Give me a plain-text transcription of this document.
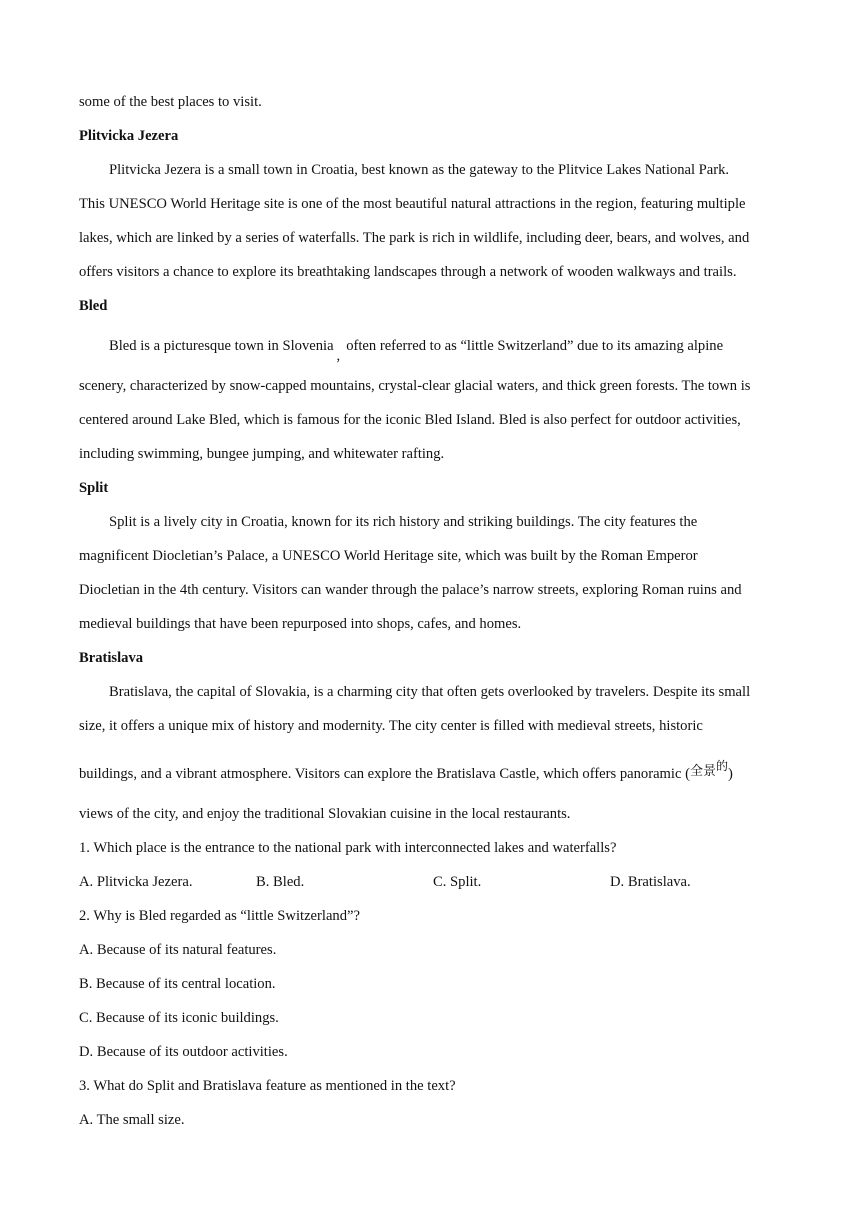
some of the best places to visit.
Plitvicka Jezera
Plitvicka Jezera is a small town in Croatia, best known as the gateway to the Plitvice Lakes National Park.
This UNESCO World Heritage site is one of the most beautiful natural attractions in the region, featuring multiple
lakes, which are linked by a series of waterfalls. The park is rich in wildlife, including deer, bears, and wolves, and
offers visitors a chance to explore its breathtaking landscapes through a network of wooden walkways and trails.
Bled
Bled is a picturesque town in Slovenia,often referred to as “little Switzerland” due to its amazing alpine
scenery, characterized by snow-capped mountains, crystal-clear glacial waters, and thick green forests. The town is
centered around Lake Bled, which is famous for the iconic Bled Island. Bled is also perfect for outdoor activities,
including swimming, bungee jumping, and whitewater rafting.
Split
Split is a lively city in Croatia, known for its rich history and striking buildings. The city features the
magnificent Diocletian’s Palace, a UNESCO World Heritage site, which was built by the Roman Emperor
Diocletian in the 4th century. Visitors can wander through the palace’s narrow streets, exploring Roman ruins and
medieval buildings that have been repurposed into shops, cafes, and homes.
Bratislava
Bratislava, the capital of Slovakia, is a charming city that often gets overlooked by travelers. Despite its small
size, it offers a unique mix of history and modernity. The city center is filled with medieval streets, historic
buildings, and a vibrant atmosphere. Visitors can explore the Bratislava Castle, which offers panoramic (全景$^的$)
views of the city, and enjoy the traditional Slovakian cuisine in the local restaurants.
1. Which place is the entrance to the national park with interconnected lakes and waterfalls?
A. Plitvicka Jezera.	B. Bled.	C. Split.	D. Bratislava.
2. Why is Bled regarded as “little Switzerland”?
A. Because of its natural features.
B. Because of its central location.
C. Because of its iconic buildings.
D. Because of its outdoor activities.
3. What do Split and Bratislava feature as mentioned in the text?
A. The small size.
